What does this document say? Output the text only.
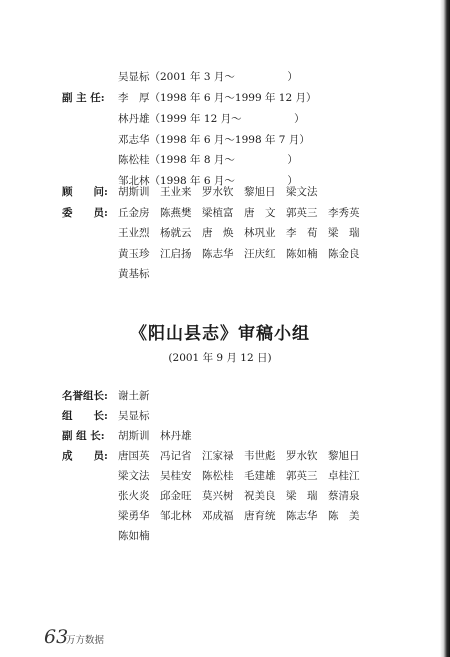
吴显标（2001 年 3 月～　　　　　）
副 主 任: 李　厚（1998 年 6 月～1999 年 12 月）
林丹雄（1999 年 12 月～　　　　　）
邓志华（1998 年 6 月～1998 年 7 月）
陈松桂（1998 年 8 月～　　　　　）
邹北林（1998 年 6 月～　　　　　）
顾　　问: 胡斯训　王业来　罗水钦　黎旭日　梁文法
委　　员: 丘金房　陈燕樊　梁植富　唐　文　郭英三　李秀英
王业烈　杨就云　唐　焕　林巩业　李　荀　梁　瑞
黄玉珍　江启扬　陈志华　汪庆红　陈如楠　陈金良
黄基标
《阳山县志》审稿小组
(2001 年 9 月 12 日)
名誉组长: 谢土新
组　　长: 吴显标
副 组 长: 胡斯训　林丹雄
成　　员: 唐国英　冯记省　江家禄　韦世彪　罗水钦　黎旭日
梁文法　吴桂安　陈松桂　毛建雄　郭英三　卓桂江
张火炎　邱金旺　莫兴树　祝美良　梁　瑞　蔡清泉
梁勇华　邹北林　邓成福　唐育统　陈志华　陈　美
陈如楠
63
万方数据
